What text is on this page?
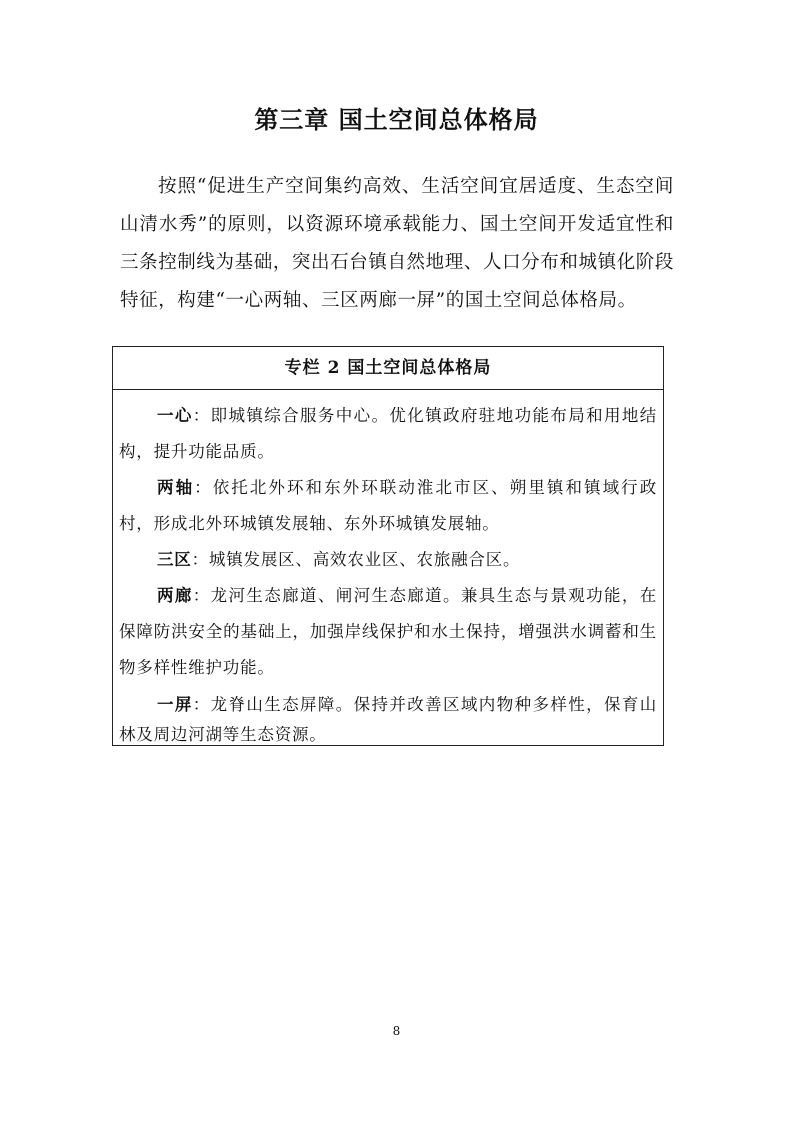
第三章 国土空间总体格局

按照“促进生产空间集约高效、生活空间宜居适度、生态空间山清水秀”的原则，以资源环境承载能力、国土空间开发适宜性和三条控制线为基础，突出石台镇自然地理、人口分布和城镇化阶段特征，构建“一心两轴、三区两廊一屏”的国土空间总体格局。

专栏 2 国土空间总体格局

一心：即城镇综合服务中心。优化镇政府驻地功能布局和用地结构，提升功能品质。

两轴：依托北外环和东外环联动淮北市区、朔里镇和镇域行政村，形成北外环城镇发展轴、东外环城镇发展轴。

三区：城镇发展区、高效农业区、农旅融合区。

两廊：龙河生态廊道、闸河生态廊道。兼具生态与景观功能，在保障防洪安全的基础上，加强岸线保护和水土保持，增强洪水调蓄和生物多样性维护功能。

一屏：龙脊山生态屏障。保持并改善区域内物种多样性，保育山林及周边河湖等生态资源。

8
